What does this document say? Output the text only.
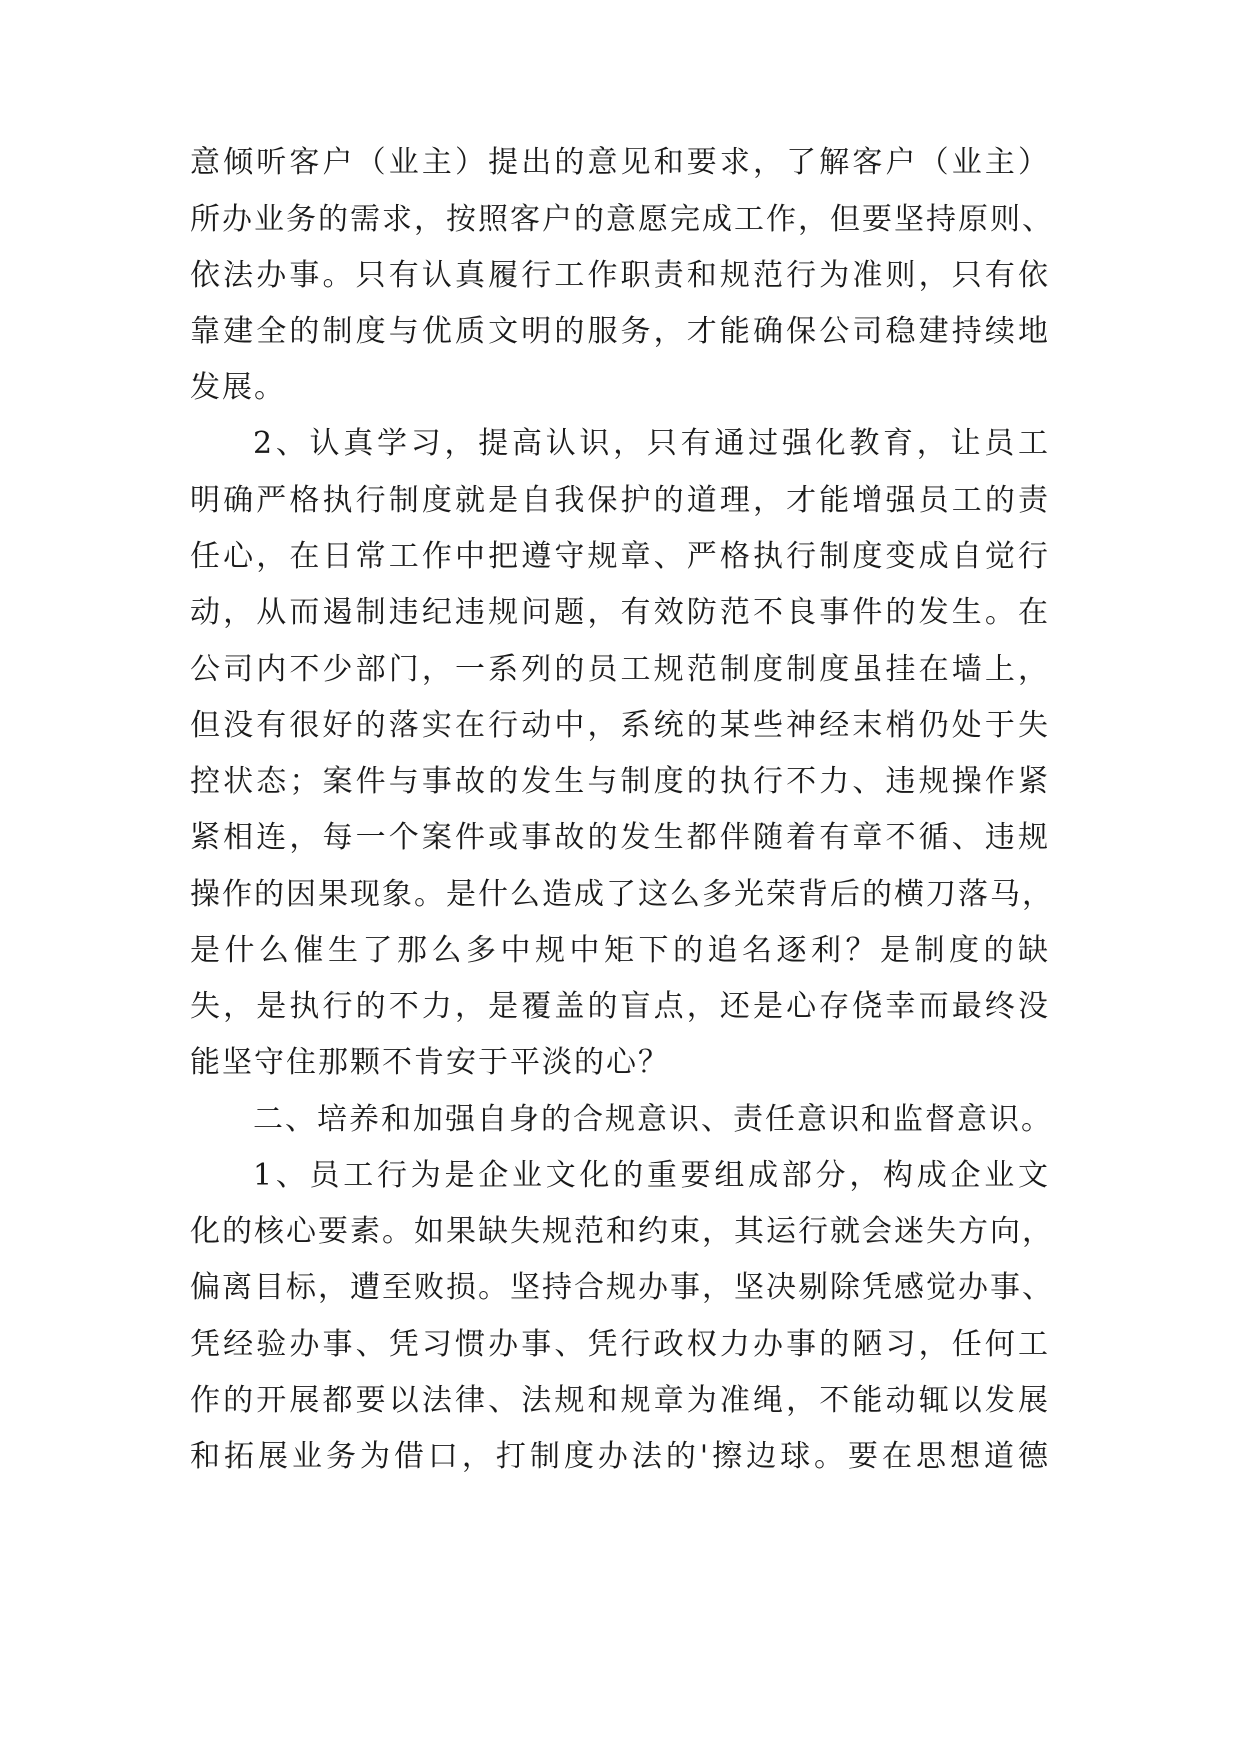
意倾听客户（业主）提出的意见和要求，了解客户（业主）
所办业务的需求，按照客户的意愿完成工作，但要坚持原则、
依法办事。只有认真履行工作职责和规范行为准则，只有依
靠建全的制度与优质文明的服务，才能确保公司稳建持续地
发展。
2、认真学习，提高认识，只有通过强化教育，让员工
明确严格执行制度就是自我保护的道理，才能增强员工的责
任心，在日常工作中把遵守规章、严格执行制度变成自觉行
动，从而遏制违纪违规问题，有效防范不良事件的发生。在
公司内不少部门，一系列的员工规范制度制度虽挂在墙上，
但没有很好的落实在行动中，系统的某些神经末梢仍处于失
控状态；案件与事故的发生与制度的执行不力、违规操作紧
紧相连，每一个案件或事故的发生都伴随着有章不循、违规
操作的因果现象。是什么造成了这么多光荣背后的横刀落马，
是什么催生了那么多中规中矩下的追名逐利？是制度的缺
失，是执行的不力，是覆盖的盲点，还是心存侥幸而最终没
能坚守住那颗不肯安于平淡的心？
二、培养和加强自身的合规意识、责任意识和监督意识。
1、员工行为是企业文化的重要组成部分，构成企业文
化的核心要素。如果缺失规范和约束，其运行就会迷失方向，
偏离目标，遭至败损。坚持合规办事，坚决剔除凭感觉办事、
凭经验办事、凭习惯办事、凭行政权力办事的陋习，任何工
作的开展都要以法律、法规和规章为准绳，不能动辄以发展
和拓展业务为借口，打制度办法的'擦边球。要在思想道德
